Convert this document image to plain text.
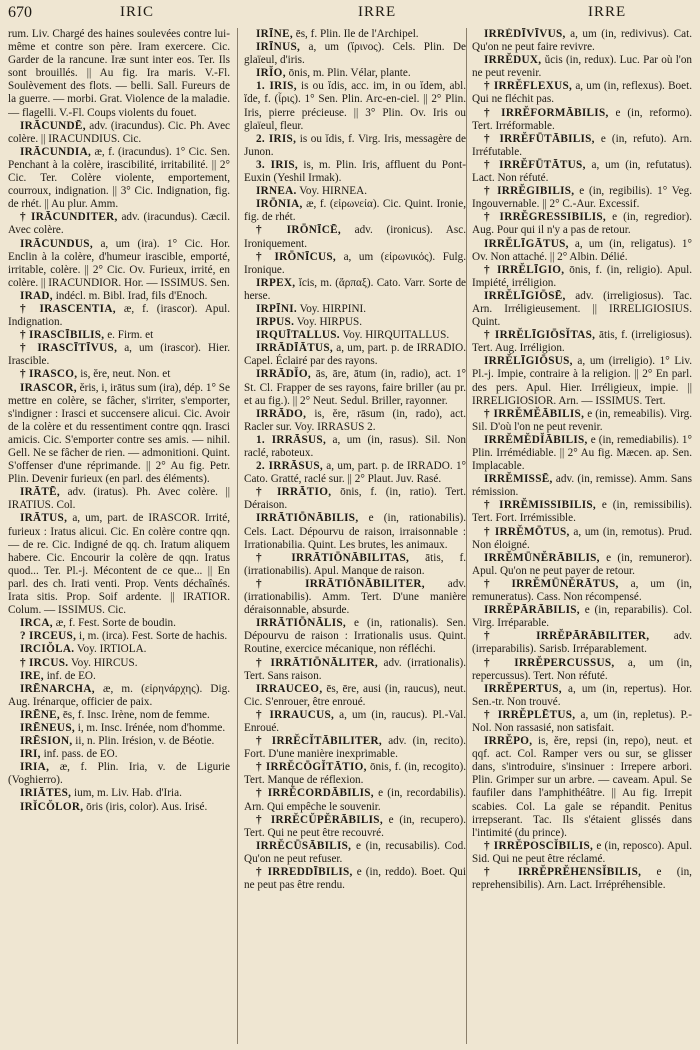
670	IRIC	IRRE	IRRE

rum. Liv. Chargé des haines soulevées contre lui-même et contre son père. Iram exercere. Cic. Garder de la rancune. Iræ sunt inter eos. Ter. Ils sont brouillés. || Au fig. Ira maris. V.-Fl. Soulèvement des flots. — belli. Sall. Fureurs de la guerre. — morbi. Grat. Violence de la maladie. — flagelli. V.-Fl. Coups violents du fouet.

IRĀCUNDĒ, adv. (iracundus). Cic. Ph. Avec colère. || IRACUNDIUS. Cic.

IRĀCUNDIA, æ, f. (iracundus). 1° Cic. Sen. Penchant à la colère, irascibilité, irritabilité. || 2° Cic. Ter. Colère violente, emportement, courroux, indignation. || 3° Cic. Indignation, fig. de rhét. || Au plur. Amm.

† IRĀCUNDITER, adv. (iracundus). Cæcil. Avec colère.

IRĀCUNDUS, a, um (ira). 1° Cic. Hor. Enclin à la colère, d'humeur irascible, emporté, irritable, colère. || 2° Cic. Ov. Furieux, irrité, en colère. || IRACUNDIOR. Hor. — ISSIMUS. Sen.

IRAD, indécl. m. Bibl. Irad, fils d'Enoch.

† IRASCENTIA, æ, f. (irascor). Apul. Indignation.

† IRASCĪBILIS, e. Firm. et

† IRASCĪTĪVUS, a, um (irascor). Hier. Irascible.

† IRASCO, is, ĕre, neut. Non. et

IRASCOR, ĕris, i, irātus sum (ira), dép. 1° Se mettre en colère, se fâcher, s'irriter, s'emporter, s'indigner : Irasci et succensere alicui. Cic. Avoir de la colère et du ressentiment contre qqn. Irasci amicis. Cic. S'emporter contre ses amis. — nihil. Gell. Ne se fâcher de rien. — admonitioni. Quint. S'offenser d'une réprimande. || 2° Au fig. Petr. Plin. Devenir furieux (en parl. des éléments).

IRĀTĒ, adv. (iratus). Ph. Avec colère. || IRATIUS. Col.

IRĀTUS, a, um, part. de IRASCOR. Irrité, furieux : Iratus alicui. Cic. En colère contre qqn. — de re. Cic. Indigné de qq. ch. Iratum aliquem habere. Cic. Encourir la colère de qqn. Iratus quod... Ter. Pl.-j. Mécontent de ce que... || En parl. des ch. Irati venti. Prop. Vents déchaînés. Irata sitis. Prop. Soif ardente. || IRATIOR. Colum. — ISSIMUS. Cic.

IRCA, æ, f. Fest. Sorte de boudin.

? IRCEUS, i, m. (irca). Fest. Sorte de hachis.

IRCIŎLA. Voy. IRTIOLA.

† IRCUS. Voy. HIRCUS.

IRE, inf. de EO.

IRĒNARCHA, æ, m. (εἰρηνάρχης). Dig. Aug. Irénarque, officier de paix.

IRĒNE, ēs, f. Insc. Irène, nom de femme.

IRĒNEUS, i, m. Insc. Irénée, nom d'homme.

IRĒSION, ii, n. Plin. Irésion, v. de Béotie.

IRI, inf. pass. de EO.

IRIA, æ, f. Plin. Iria, v. de Ligurie (Voghierro).

IRIĀTES, ium, m. Liv. Hab. d'Iria.

IRĬCŎLOR, ōris (iris, color). Aus. Irisé.

IRĪNE, ēs, f. Plin. Ile de l'Archipel.

IRĪNUS, a, um (ἴρινος). Cels. Plin. De glaïeul, d'iris.

IRĬO, ōnis, m. Plin. Vélar, plante.

1. IRIS, is ou ĭdis, acc. im, in ou ĭdem, abl. ĭde, f. (ἶρις). 1° Sen. Plin. Arc-en-ciel. || 2° Plin. Iris, pierre précieuse. || 3° Plin. Ov. Iris ou glaïeul, fleur.

2. IRIS, is ou ĭdis, f. Virg. Iris, messagère de Junon.

3. IRIS, is, m. Plin. Iris, affluent du Pont-Euxin (Yeshil Irmak).

IRNEA. Voy. HIRNEA.

IRŌNIA, æ, f. (εἰρωνεία). Cic. Quint. Ironie, fig. de rhét.

† IRŌNĪCĒ, adv. (ironicus). Asc. Ironiquement.

† IRŌNĪCUS, a, um (εἰρωνικός). Fulg. Ironique.

IRPEX, ĭcis, m. (ἅρπαξ). Cato. Varr. Sorte de herse.

IRPĪNI. Voy. HIRPINI.

IRPUS. Voy. HIRPUS.

IRQUĪTALLUS. Voy. HIRQUITALLUS.

IRRĀDĪĀTUS, a, um, part. p. de IRRADIO. Capel. Éclairé par des rayons.

IRRĀDĬO, ās, āre, ātum (in, radio), act. 1° St. Cl. Frapper de ses rayons, faire briller (au pr. et au fig.). || 2° Neut. Sedul. Briller, rayonner.

IRRĀDO, is, ĕre, rāsum (in, rado), act. Racler sur. Voy. IRRASUS 2.

1. IRRĀSUS, a, um (in, rasus). Sil. Non raclé, raboteux.

2. IRRĀSUS, a, um, part. p. de IRRADO. 1° Cato. Gratté, raclé sur. || 2° Plaut. Juv. Rasé.

† IRRĀTIO, ōnis, f. (in, ratio). Tert. Déraison.

IRRĀTIŌNĀBILIS, e (in, rationabilis). Cels. Lact. Dépourvu de raison, irraisonnable : Irrationabilia. Quint. Les brutes, les animaux.

† IRRĀTIŌNĀBILITAS, ātis, f. (irrationabilis). Apul. Manque de raison.

† IRRĀTIŌNĀBILITER, adv. (irrationabilis). Amm. Tert. D'une manière déraisonnable, absurde.

IRRĀTIŌNĀLIS, e (in, rationalis). Sen. Dépourvu de raison : Irrationalis usus. Quint. Routine, exercice mécanique, non réfléchi.

† IRRĀTIŌNĀLITER, adv. (irrationalis). Tert. Sans raison.

IRRAUCEO, ēs, ēre, ausi (in, raucus), neut. Cic. S'enrouer, être enroué.

† IRRAUCUS, a, um (in, raucus). Pl.-Val. Enroué.

† IRRĔCĬTĀBILITER, adv. (in, recito). Fort. D'une manière inexprimable.

† IRRĔCŌGĬTĀTIO, ōnis, f. (in, recogito). Tert. Manque de réflexion.

† IRRĔCORDĀBILIS, e (in, recordabilis). Arn. Qui empêche le souvenir.

† IRRĔCŬPĔRĀBILIS, e (in, recupero). Tert. Qui ne peut être recouvré.

IRRĔCŪSĀBILIS, e (in, recusabilis). Cod. Qu'on ne peut refuser.

† IRREDDĪBILIS, e (in, reddo). Boet. Qui ne peut pas être rendu.

IRRĔDĪVĪVUS, a, um (in, redivivus). Cat. Qu'on ne peut faire revivre.

IRRĔDUX, ŭcis (in, redux). Luc. Par où l'on ne peut revenir.

† IRRĔFLEXUS, a, um (in, reflexus). Boet. Qui ne fléchit pas.

† IRRĔFORMĀBILIS, e (in, reformo). Tert. Irréformable.

† IRRĔFŪTĀBILIS, e (in, refuto). Arn. Irréfutable.

† IRRĔFŪTĀTUS, a, um (in, refutatus). Lact. Non réfuté.

† IRRĔGIBILIS, e (in, regibilis). 1° Veg. Ingouvernable. || 2° C.-Aur. Excessif.

† IRRĔGRESSIBILIS, e (in, regredior). Aug. Pour qui il n'y a pas de retour.

IRRĔLĪGĀTUS, a, um (in, religatus). 1° Ov. Non attaché. || 2° Albin. Délié.

† IRRĔLĪGIO, ōnis, f. (in, religio). Apul. Impiété, irréligion.

IRRĔLĪGIŌSĒ, adv. (irreligiosus). Tac. Arn. Irréligieusement. || IRRELIGIOSIUS. Quint.

† IRRĔLĪGIŌSĬTAS, ātis, f. (irreligiosus). Tert. Aug. Irréligion.

IRRĔLĪGIŌSUS, a, um (irreligio). 1° Liv. Pl.-j. Impie, contraire à la religion. || 2° En parl. des pers. Apul. Hier. Irréligieux, impie. || IRRELIGIOSIOR. Arn. — ISSIMUS. Tert.

† IRRĔMĔĀBILIS, e (in, remeabilis). Virg. Sil. D'où l'on ne peut revenir.

IRRĔMĔDĬĀBILIS, e (in, remediabilis). 1° Plin. Irrémédiable. || 2° Au fig. Mæcen. ap. Sen. Implacable.

IRRĔMISSĒ, adv. (in, remisse). Amm. Sans rémission.

† IRRĔMISSIBILIS, e (in, remissibilis). Tert. Fort. Irrémissible.

† IRRĔMŌTUS, a, um (in, remotus). Prud. Non éloigné.

IRRĔMŪNĔRĀBILIS, e (in, remuneror). Apul. Qu'on ne peut payer de retour.

† IRRĔMŪNĔRĀTUS, a, um (in, remuneratus). Cass. Non récompensé.

IRRĔPĀRĀBILIS, e (in, reparabilis). Col. Virg. Irréparable.

† IRRĔPĀRĀBILITER, adv. (irreparabilis). Sarisb. Irréparablement.

† IRRĔPERCUSSUS, a, um (in, repercussus). Tert. Non réfuté.

IRRĔPERTUS, a, um (in, repertus). Hor. Sen.-tr. Non trouvé.

† IRRĔPLĒTUS, a, um (in, repletus). P.-Nol. Non rassasié, non satisfait.

IRRĔPO, is, ĕre, repsi (in, repo), neut. et qqf. act. Col. Ramper vers ou sur, se glisser dans, s'introduire, s'insinuer : Irrepere arbori. Plin. Grimper sur un arbre. — caveam. Apul. Se faufiler dans l'amphithéâtre. || Au fig. Irrepit scabies. Col. La gale se répandit. Penitus irrepserant. Tac. Ils s'étaient glissés dans l'intimité (du prince).

† IRRĔPOSCĬBILIS, e (in, reposco). Apul. Sid. Qui ne peut être réclamé.

† IRRĔPRĔHENSĬBILIS, e (in, reprehensibilis). Arn. Lact. Irrépréhensible.
